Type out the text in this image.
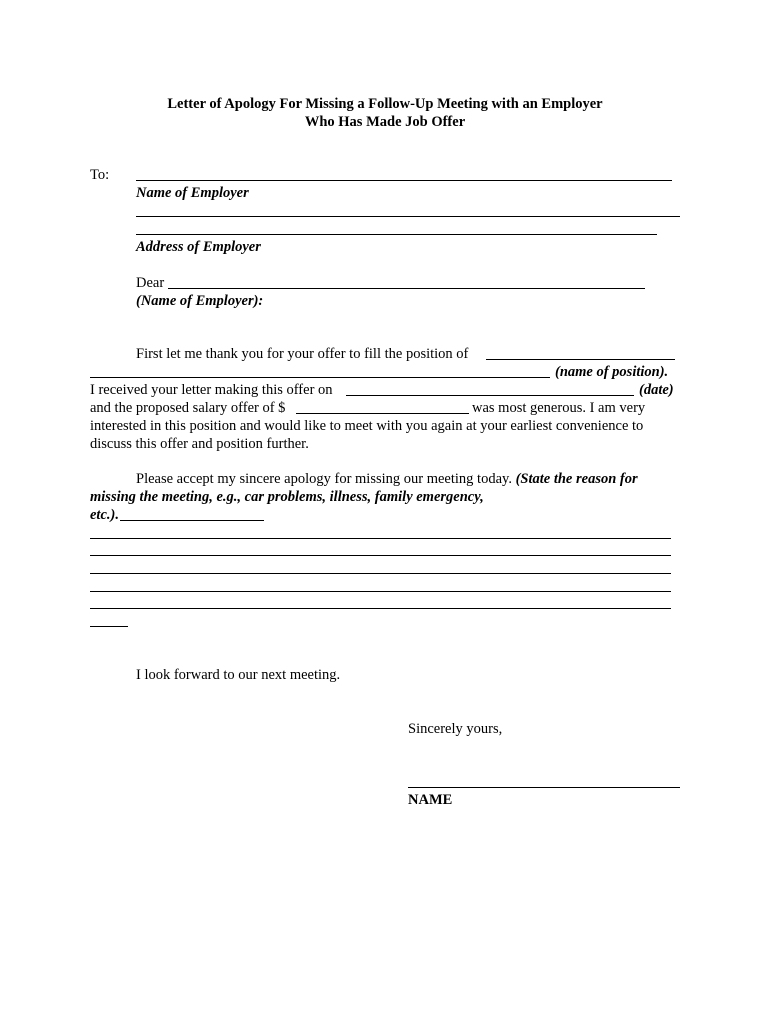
Letter of Apology For Missing a Follow-Up Meeting with an Employer
Who Has Made Job Offer
To:
Name of Employer
Address of Employer
Dear
(Name of Employer):
First let me thank you for your offer to fill the position of
(name of position).
I received your letter making this offer on	(date)
and the proposed salary offer of $	was most generous. I am very
interested in this position and would like to meet with you again at your earliest convenience to
discuss this offer and position further.
Please accept my sincere apology for missing our meeting today. (State the reason for
missing the meeting, e.g., car problems, illness, family emergency,
etc.).
I look forward to our next meeting.
Sincerely yours,
NAME
